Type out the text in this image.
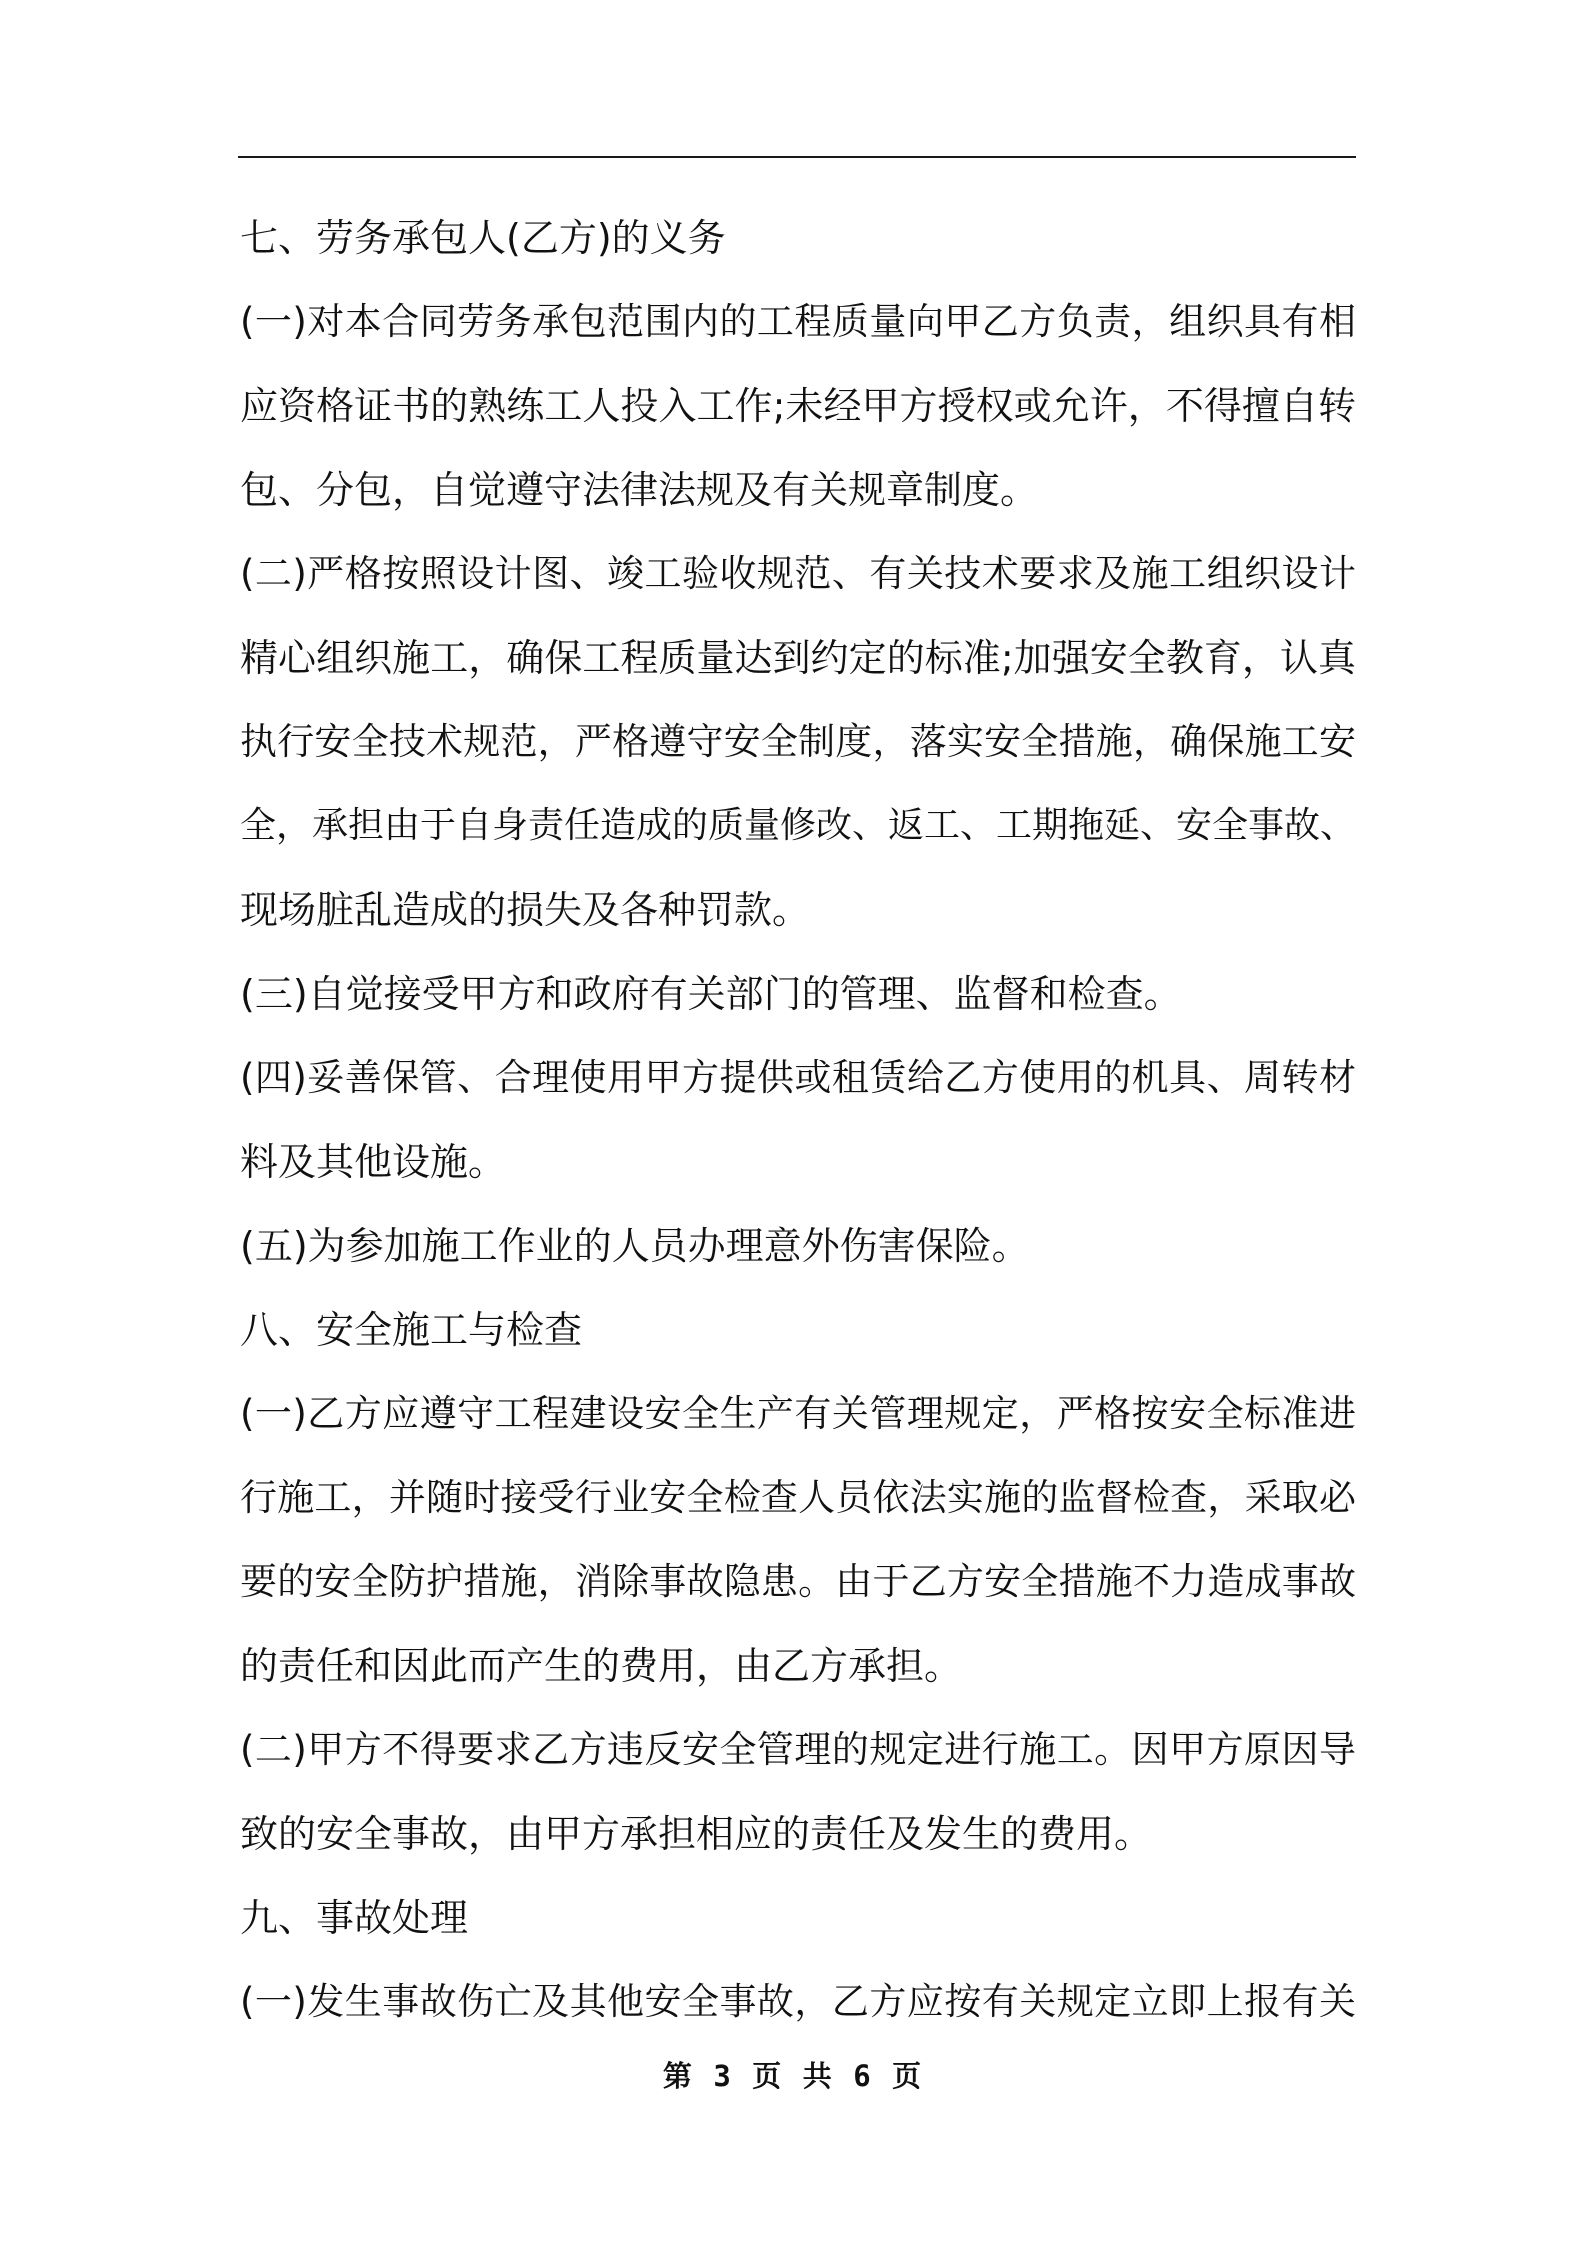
七、劳务承包人(乙方)的义务
(一)对本合同劳务承包范围内的工程质量向甲乙方负责，组织具有相
应资格证书的熟练工人投入工作;未经甲方授权或允许，不得擅自转
包、分包，自觉遵守法律法规及有关规章制度。
(二)严格按照设计图、竣工验收规范、有关技术要求及施工组织设计
精心组织施工，确保工程质量达到约定的标准;加强安全教育，认真
执行安全技术规范，严格遵守安全制度，落实安全措施，确保施工安
全，承担由于自身责任造成的质量修改、返工、工期拖延、安全事故、
现场脏乱造成的损失及各种罚款。
(三)自觉接受甲方和政府有关部门的管理、监督和检查。
(四)妥善保管、合理使用甲方提供或租赁给乙方使用的机具、周转材
料及其他设施。
(五)为参加施工作业的人员办理意外伤害保险。
八、安全施工与检查
(一)乙方应遵守工程建设安全生产有关管理规定，严格按安全标准进
行施工，并随时接受行业安全检查人员依法实施的监督检查，采取必
要的安全防护措施，消除事故隐患。由于乙方安全措施不力造成事故
的责任和因此而产生的费用，由乙方承担。
(二)甲方不得要求乙方违反安全管理的规定进行施工。因甲方原因导
致的安全事故，由甲方承担相应的责任及发生的费用。
九、事故处理
(一)发生事故伤亡及其他安全事故，乙方应按有关规定立即上报有关
第 3 页 共 6 页
